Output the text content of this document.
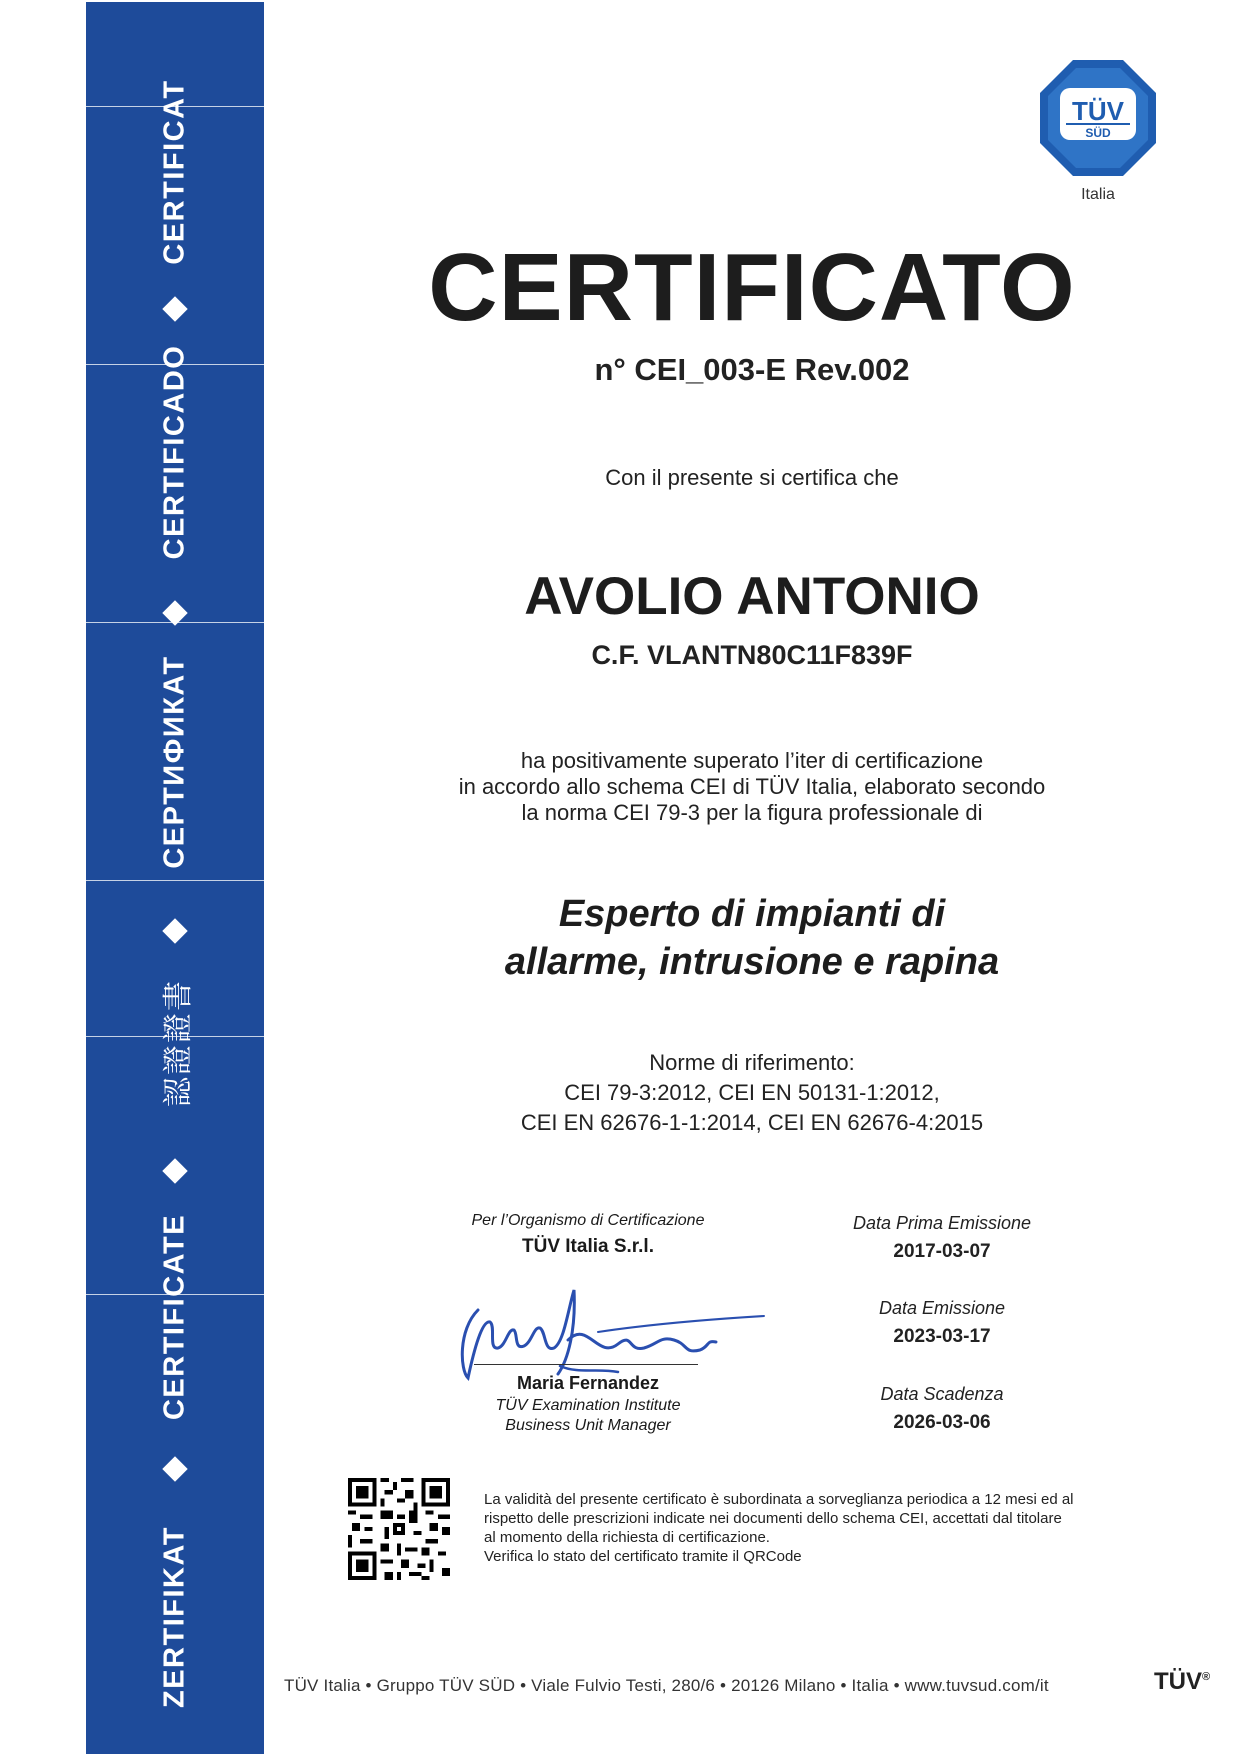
CERTIFICAT
CERTIFICADO
СЕРТИФИКАТ
認證證書
CERTIFICATE
ZERTIFIKAT
TÜV
SÜD
Italia
CERTIFICATO
n° CEI_003-E Rev.002
Con il presente si certifica che
AVOLIO ANTONIO
C.F. VLANTN80C11F839F
ha positivamente superato l’iter di certificazione
in accordo allo schema CEI di TÜV Italia, elaborato secondo
la norma CEI 79-3 per la figura professionale di
Esperto di impianti di
allarme, intrusione e rapina
Norme di riferimento:
CEI 79-3:2012, CEI EN 50131-1:2012,
CEI EN 62676-1-1:2014, CEI EN 62676-4:2015
Per l’Organismo di Certificazione
TÜV Italia S.r.l.
Maria Fernandez
TÜV Examination Institute
Business Unit Manager
Data Prima Emissione
2017-03-07
Data Emissione
2023-03-17
Data Scadenza
2026-03-06
La validità del presente certificato è subordinata a sorveglianza periodica a 12 mesi ed al
rispetto delle prescrizioni indicate nei documenti dello schema CEI, accettati dal titolare
al momento della richiesta di certificazione.
Verifica lo stato del certificato tramite il QRCode
TÜV Italia • Gruppo TÜV SÜD • Viale Fulvio Testi, 280/6 • 20126 Milano • Italia • www.tuvsud.com/it	TÜV®
